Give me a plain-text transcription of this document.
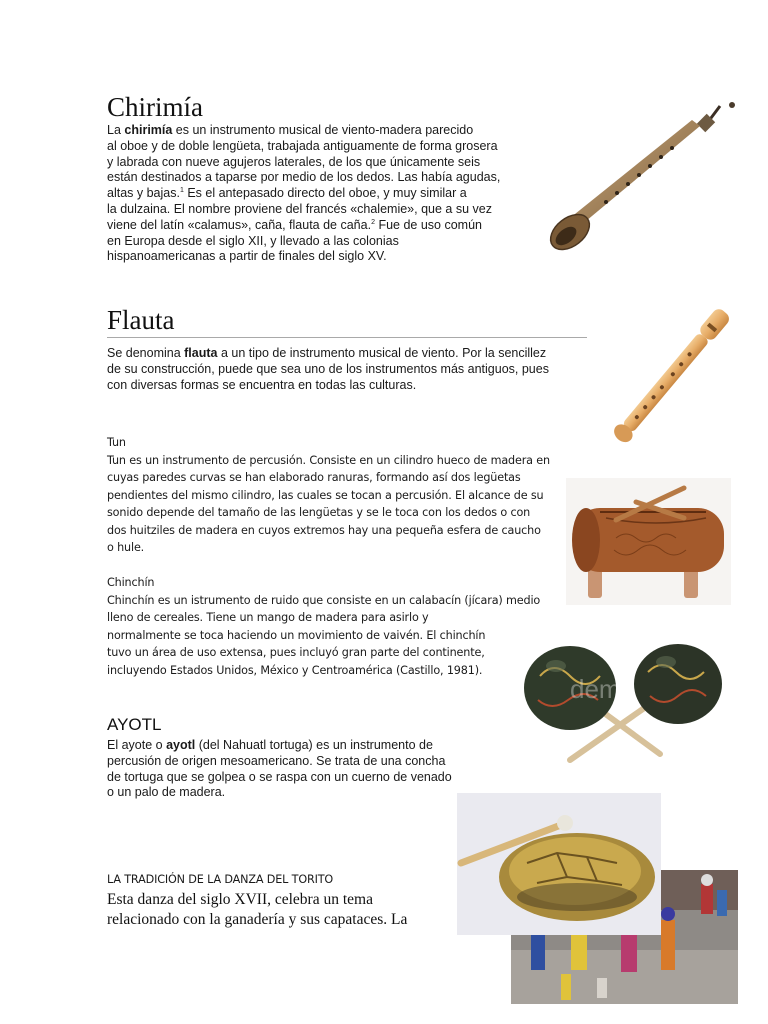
Chirimía
La chirimía es un instrumento musical de viento-madera parecido
al oboe y de doble lengüeta, trabajada antiguamente de forma grosera
y labrada con nueve agujeros laterales, de los que únicamente seis
están destinados a taparse por medio de los dedos. Las había agudas,
altas y bajas.$^1$ Es el antepasado directo del oboe, y muy similar a
la dulzaina. El nombre proviene del francés «chalemie», que a su vez
viene del latín «calamus», caña, flauta de caña.$^2$ Fue de uso común
en Europa desde el siglo XII, y llevado a las colonias
hispanoamericanas a partir de finales del siglo XV.
Flauta
Se denomina flauta a un tipo de instrumento musical de viento. Por la sencillez
de su construcción, puede que sea uno de los instrumentos más antiguos, pues
con diversas formas se encuentra en todas las culturas.
Tun
Tun es un instrumento de percusión. Consiste en un cilindro hueco de madera en
cuyas paredes curvas se han elaborado ranuras, formando así dos legüetas
pendientes del mismo cilindro, las cuales se tocan a percusión. El alcance de su
sonido depende del tamaño de las lengüetas y se le toca con los dedos o con
dos huitziles de madera en cuyos extremos hay una pequeña esfera de caucho
o hule.
Chinchín
Chinchín es un istrumento de ruido que consiste en un calabacín (jícara) medio
lleno de cereales. Tiene un mango de madera para asirlo y
normalmente se toca haciendo un movimiento de vaivén. El chinchín
tuvo un área de uso extensa, pues incluyó gran parte del continente,
incluyendo Estados Unidos, México y Centroamérica (Castillo, 1981).
demo
AYOTL
El ayote o ayotl (del Nahuatl tortuga) es un instrumento de
percusión de origen mesoamericano. Se trata de una concha
de tortuga que se golpea o se raspa con un cuerno de venado
o un palo de madera.
LA TRADICIÓN DE LA DANZA DEL TORITO
Esta danza del siglo XVII, celebra un tema
relacionado con la ganadería y sus capataces. La
